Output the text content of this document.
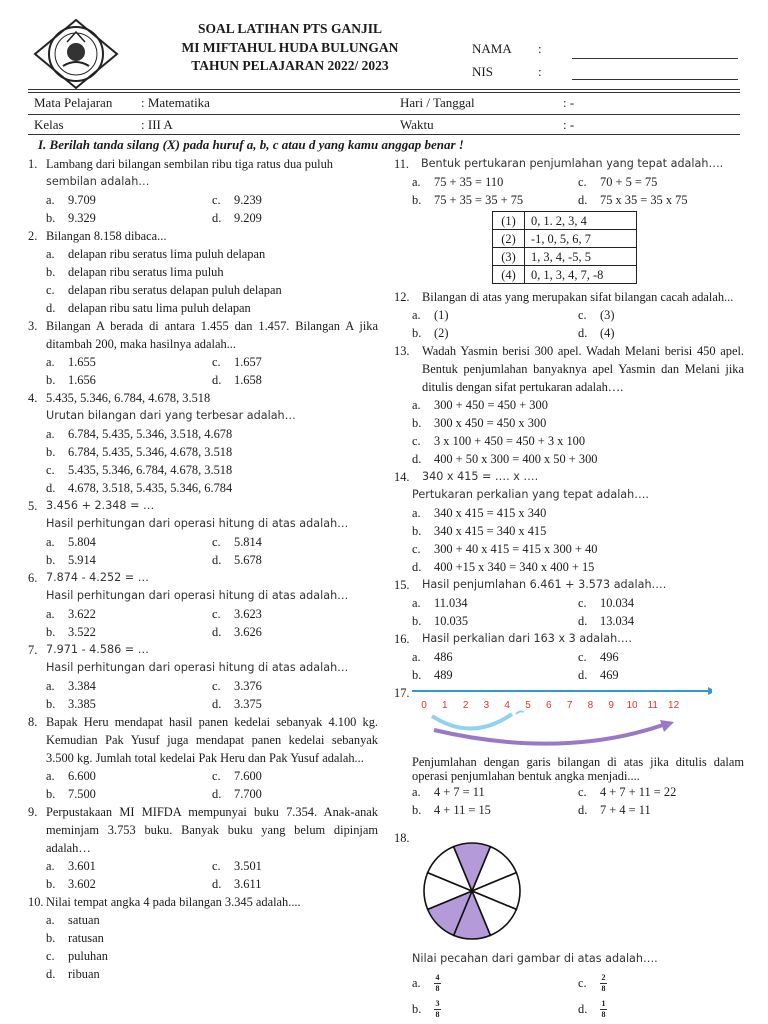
SOAL LATIHAN PTS GANJIL
MI MIFTAHUL HUDA BULUNGAN
TAHUN PELAJARAN 2022/ 2023
NAMA :
NIS	:
Mata Pelajaran : Matematika	Hari / Tanggal	: -
Kelas	: III A	Waktu	: -
I. Berilah tanda silang (X) pada huruf a, b, c atau d yang kamu anggap benar !
1. Lambang dari bilangan sembilan ribu tiga ratus dua puluh
sembilan adalah…
a.	9.709	c.	9.239
b.	9.329	d.	9.209
2. Bilangan 8.158 dibaca...
a.	delapan ribu seratus lima puluh delapan
b.	delapan ribu seratus lima puluh
c.	delapan ribu seratus delapan puluh delapan
d.	delapan ribu satu lima puluh delapan
3. Bilangan A berada di antara 1.455 dan 1.457. Bilangan A jika ditambah 200, maka hasilnya adalah...
a.	1.655	c.	1.657
b.	1.656	d.	1.658
4. 5.435, 5.346, 6.784, 4.678, 3.518
Urutan bilangan dari yang terbesar adalah…
a.	6.784, 5.435, 5.346, 3.518, 4.678
b.	6.784, 5.435, 5.346, 4.678, 3.518
c.	5.435, 5.346, 6.784, 4.678, 3.518
d.	4.678, 3.518, 5.435, 5.346, 6.784
5. 3.456 + 2.348 = …
Hasil perhitungan dari operasi hitung di atas adalah…
a.	5.804	c.	5.814
b.	5.914	d.	5.678
6. 7.874 - 4.252 = …
Hasil perhitungan dari operasi hitung di atas adalah…
a.	3.622	c.	3.623
b.	3.522	d.	3.626
7. 7.971 - 4.586 = …
Hasil perhitungan dari operasi hitung di atas adalah…
a.	3.384	c.	3.376
b.	3.385	d.	3.375
8. Bapak Heru mendapat hasil panen kedelai sebanyak 4.100 kg. Kemudian Pak Yusuf juga mendapat panen kedelai sebanyak 3.500 kg. Jumlah total kedelai Pak Heru dan Pak Yusuf adalah...
a.	6.600	c.	7.600
b.	7.500	d.	7.700
9. Perpustakaan MI MIFDA mempunyai buku 7.354. Anak-anak meminjam 3.753 buku. Banyak buku yang belum dipinjam adalah…
a.	3.601	c.	3.501
b.	3.602	d.	3.611
10. Nilai tempat angka 4 pada bilangan 3.345 adalah....
a.	satuan
b.	ratusan
c.	puluhan
d.	ribuan
11.	Bentuk pertukaran penjumlahan yang tepat adalah….
a.	75 + 35 = 110	c.	70 + 5 = 75
b.	75 + 35 = 35 + 75	d.	75 x 35 = 35 x 75
(1)	0, 1. 2, 3, 4
(2)	-1, 0, 5, 6, 7
(3)	1, 3, 4, -5, 5
(4)	0, 1, 3, 4, 7, -8
12.	Bilangan di atas yang merupakan sifat bilangan cacah adalah...
a.	(1)	c.	(3)
b.	(2)	d.	(4)
13.	Wadah Yasmin berisi 300 apel. Wadah Melani berisi 450 apel. Bentuk penjumlahan banyaknya apel Yasmin dan Melani jika ditulis dengan sifat pertukaran adalah….
a.	300 + 450 = 450 + 300
b.	300 x 450 = 450 x 300
c.	3 x 100 + 450 = 450 + 3 x 100
d.	400 + 50 x 300 = 400 x 50 + 300
14.	340 x 415 = …. x ….
Pertukaran perkalian yang tepat adalah….
a.	340 x 415 = 415 x 340
b.	340 x 415 = 340 x 415
c.	300 + 40 x 415 = 415 x 300 + 40
d.	400 +15 x 340 = 340 x 400 + 15
15.	Hasil penjumlahan 6.461 + 3.573 adalah….
a.	11.034	c.	10.034
b.	10.035	d.	13.034
16.	Hasil perkalian dari 163 x 3 adalah….
a.	486	c.	496
b.	489	d.	469
17.
0 1 2 3 4 5 6 7 8 9 10 11 12
Penjumlahan dengan garis bilangan di atas jika ditulis dalam operasi penjumlahan bentuk angka menjadi....
a.	4 + 7 = 11	c.	4 + 7 + 11 = 22
b.	4 + 11 = 15	d.	7 + 4 = 11
18.
Nilai pecahan dari gambar di atas adalah….
a.	$\frac{4}{8}$	c.	$\frac{2}{8}$
b.	$\frac{3}{8}$	d.	$\frac{1}{8}$
